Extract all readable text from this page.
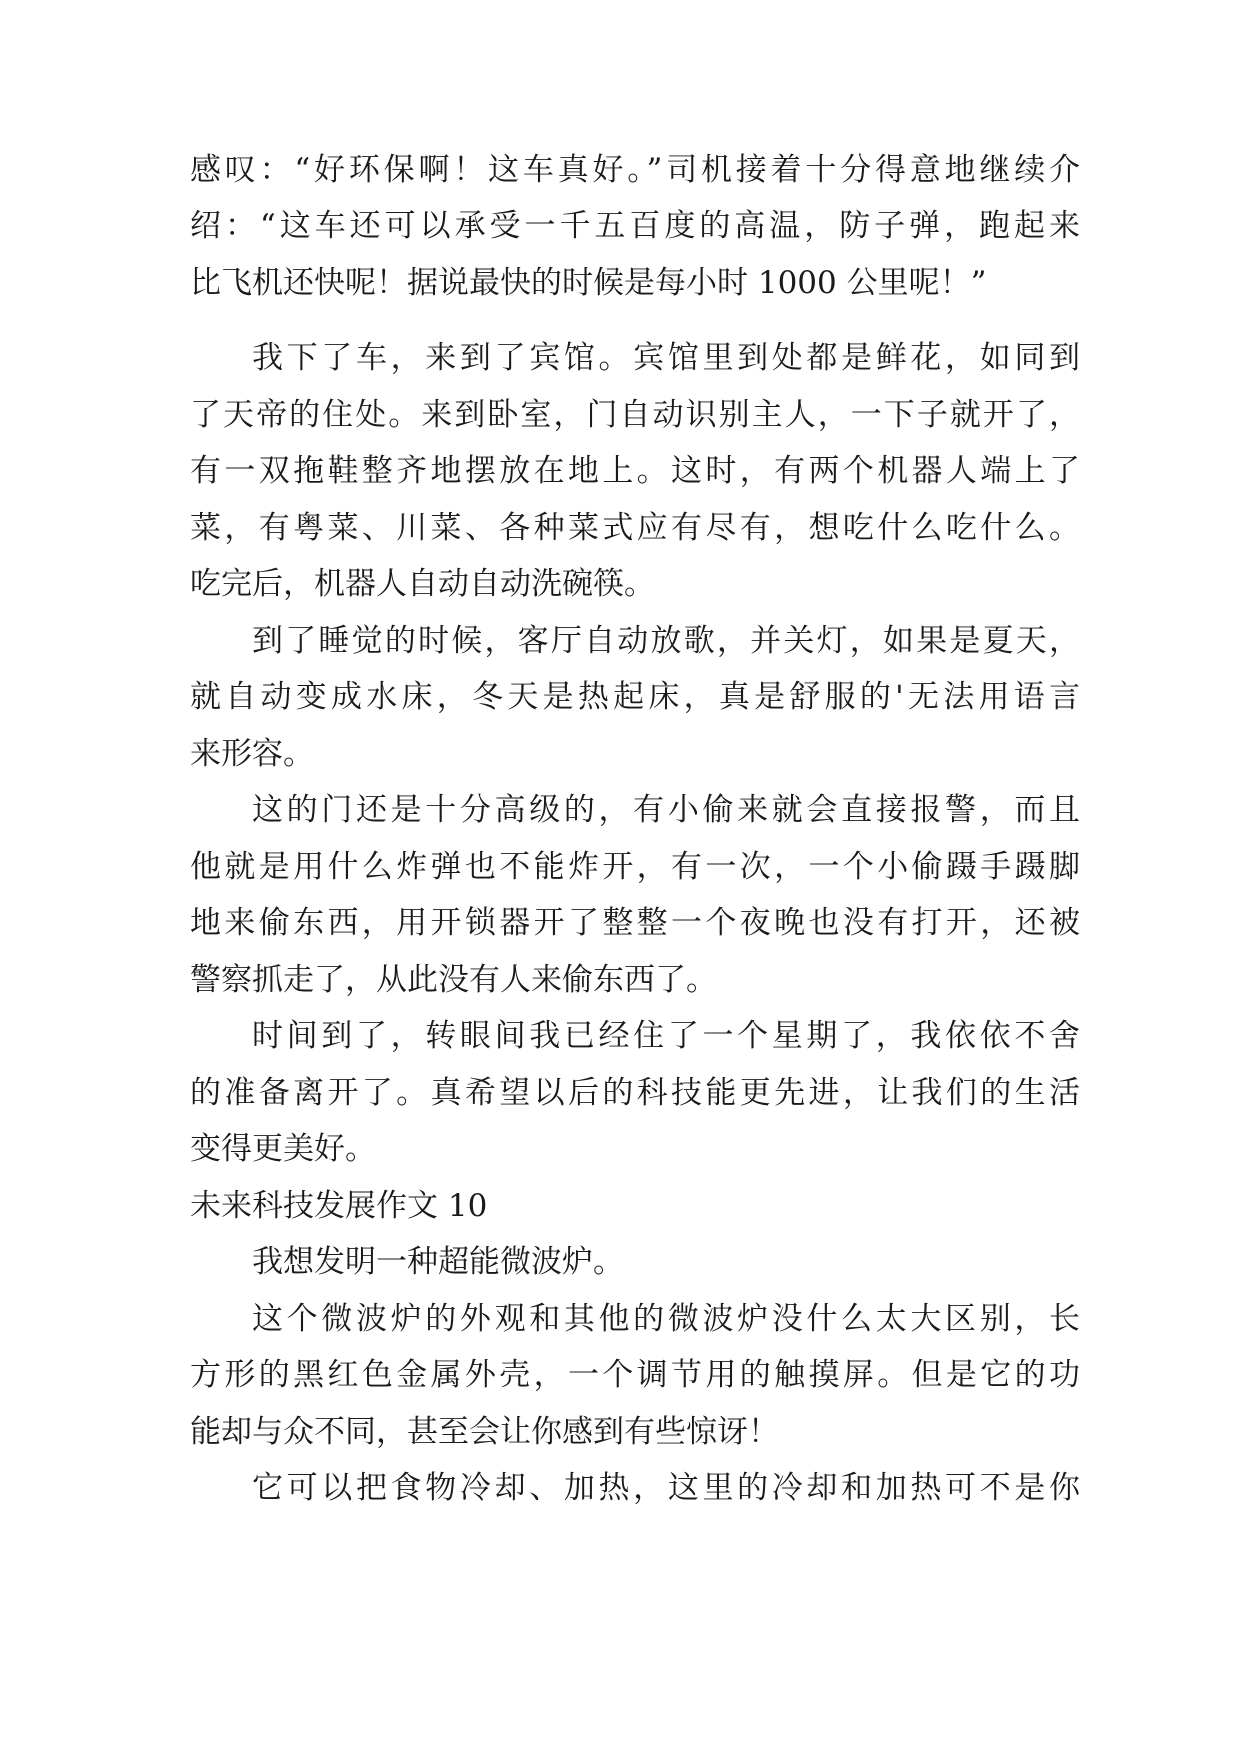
感叹：“好环保啊！这车真好。”司机接着十分得意地继续介
绍：“这车还可以承受一千五百度的高温，防子弹，跑起来
比飞机还快呢！据说最快的时候是每小时 1000 公里呢！”
我下了车，来到了宾馆。宾馆里到处都是鲜花，如同到
了天帝的住处。来到卧室，门自动识别主人，一下子就开了，
有一双拖鞋整齐地摆放在地上。这时，有两个机器人端上了
菜，有粤菜、川菜、各种菜式应有尽有，想吃什么吃什么。
吃完后，机器人自动自动洗碗筷。
到了睡觉的时候，客厅自动放歌，并关灯，如果是夏天，
就自动变成水床，冬天是热起床，真是舒服的'无法用语言
来形容。
这的门还是十分高级的，有小偷来就会直接报警，而且
他就是用什么炸弹也不能炸开，有一次，一个小偷蹑手蹑脚
地来偷东西，用开锁器开了整整一个夜晚也没有打开，还被
警察抓走了，从此没有人来偷东西了。
时间到了，转眼间我已经住了一个星期了，我依依不舍
的准备离开了。真希望以后的科技能更先进，让我们的生活
变得更美好。
未来科技发展作文 10
我想发明一种超能微波炉。
这个微波炉的外观和其他的微波炉没什么太大区别，长
方形的黑红色金属外壳，一个调节用的触摸屏。但是它的功
能却与众不同，甚至会让你感到有些惊讶！
它可以把食物冷却、加热，这里的冷却和加热可不是你
